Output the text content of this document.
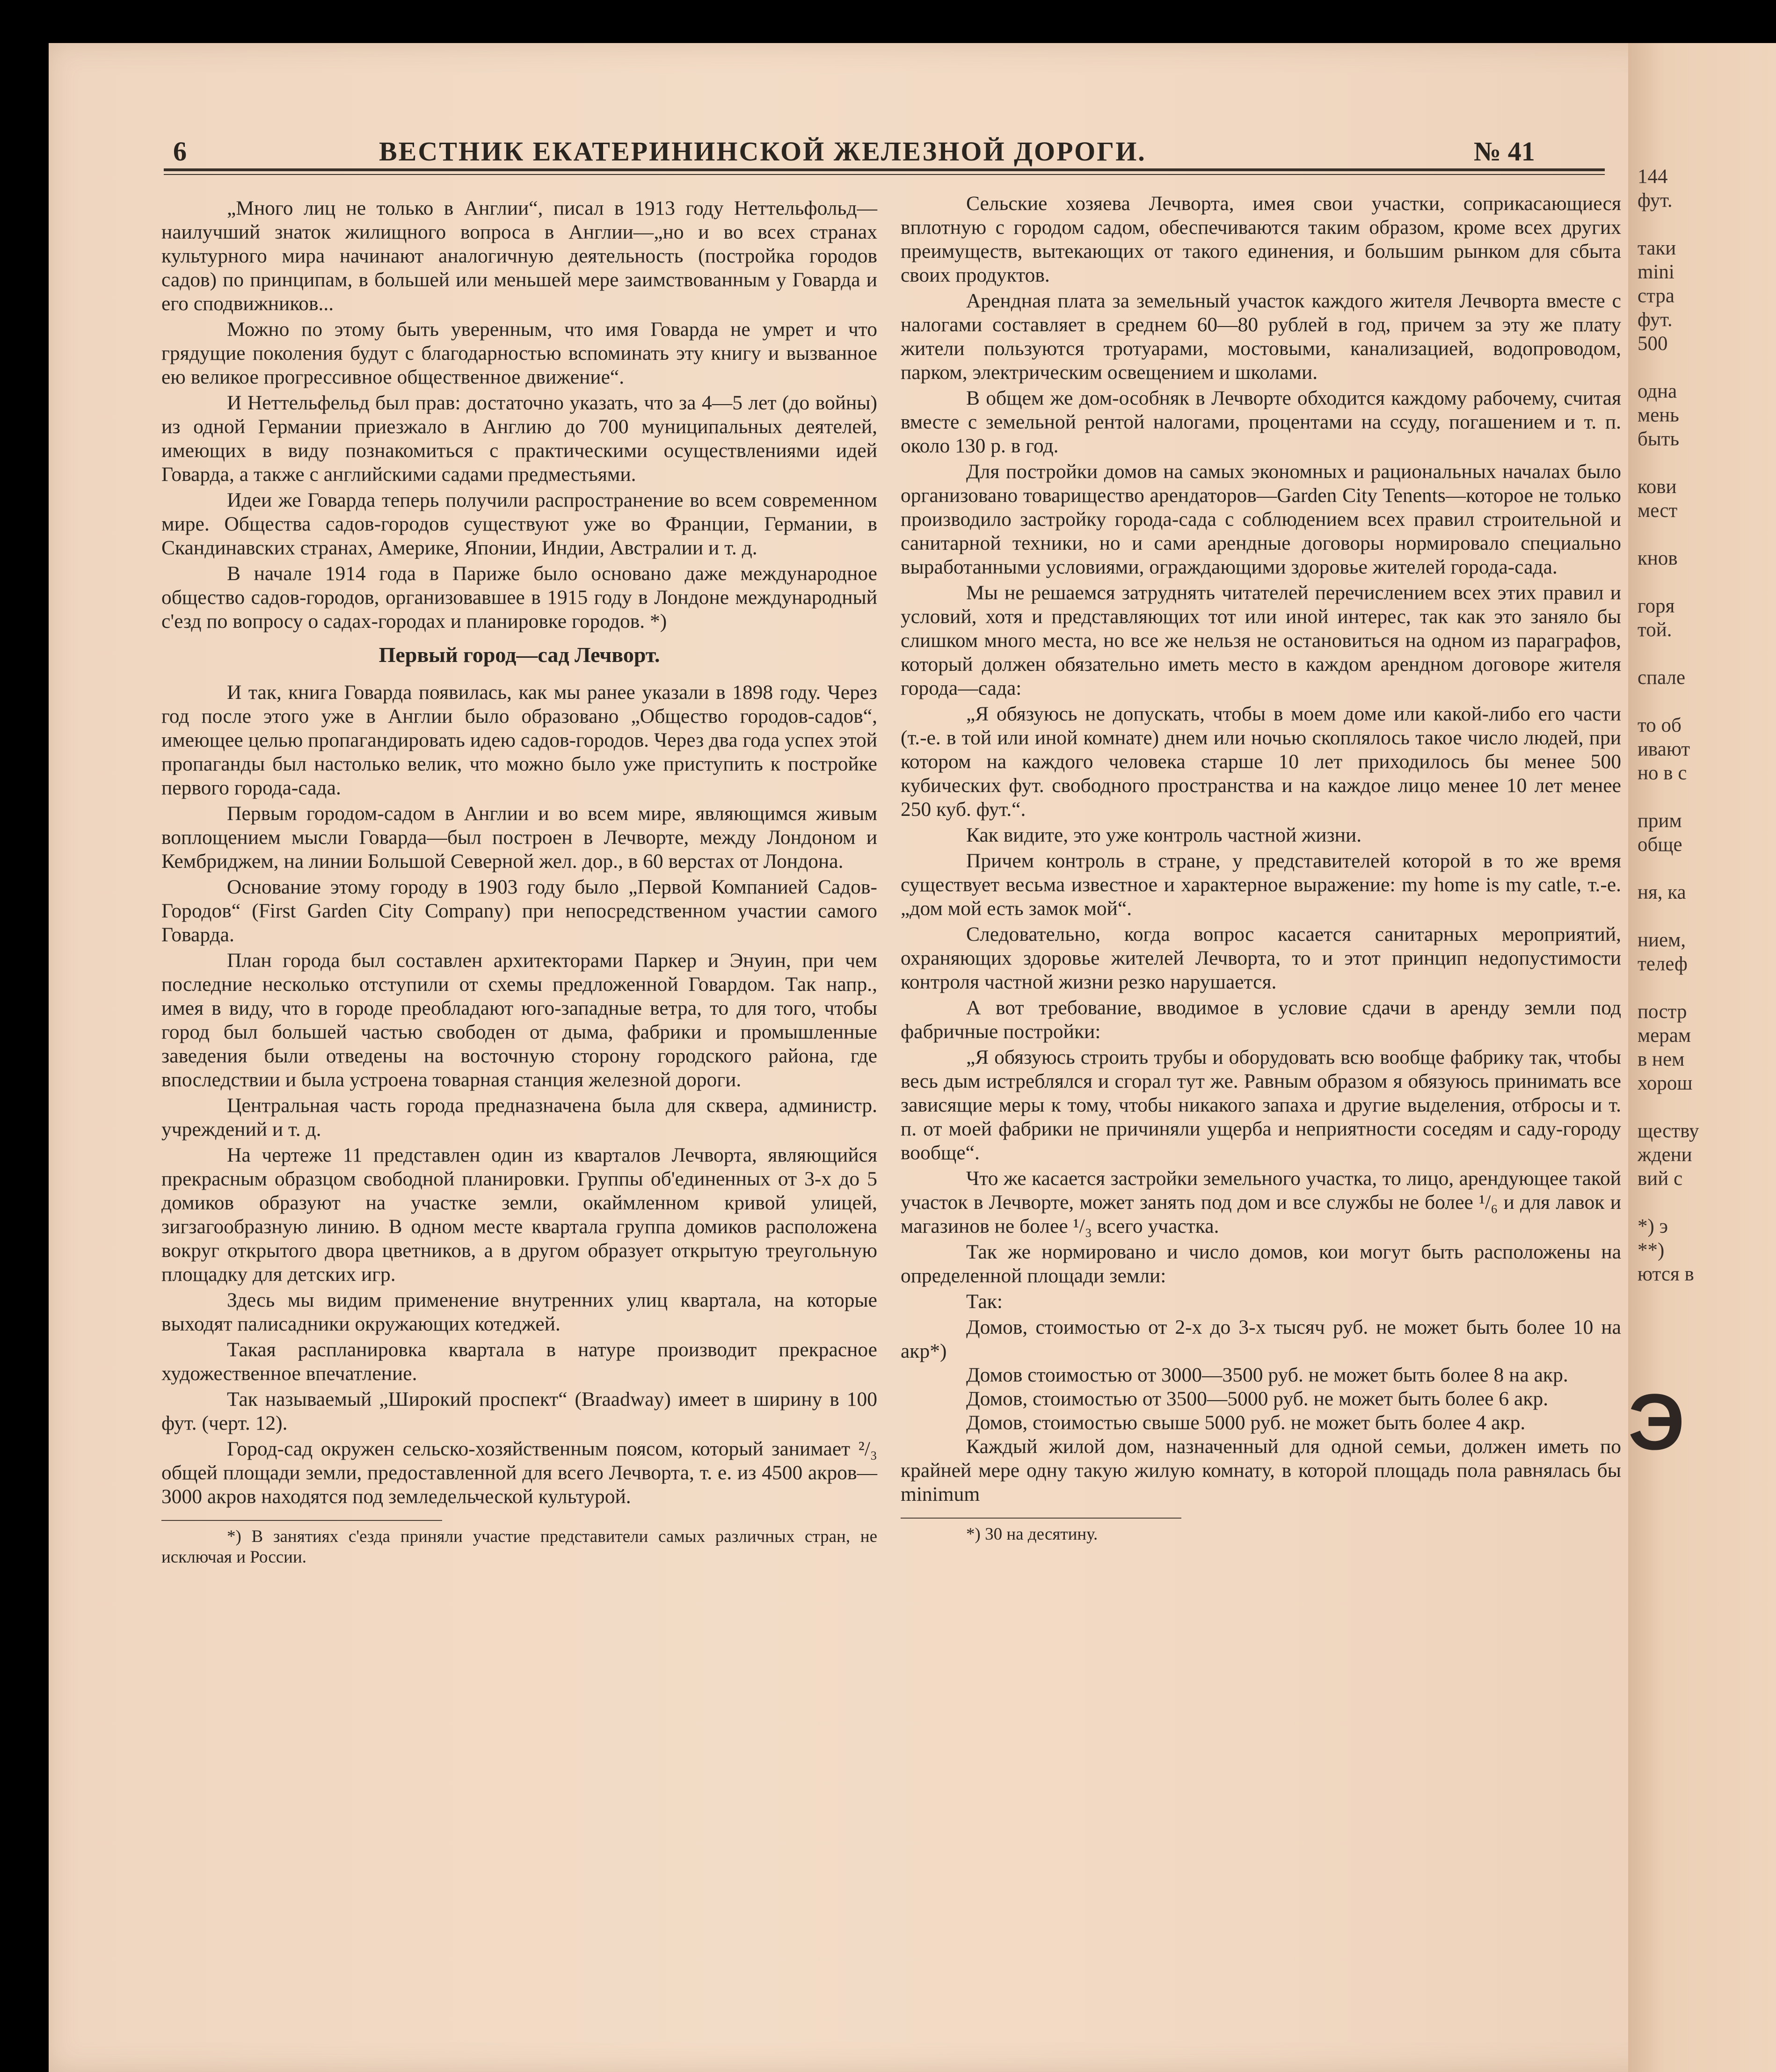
144
фут.

таки
mini
стра
фут.
500

одна
мень
быть

кови
мест

кнов

горя
той.

спале

то об
ивают
но в с

прим
обще

ня, ка

нием,
телеф

постр
мерам
в нем
хорош

ществу
ждени
вий с

*) э
**)
ются в
Э
6	ВЕСТНИК ЕКАТЕРИНИНСКОЙ ЖЕЛЕЗНОЙ ДОРОГИ.	№ 41

„Много лиц не только в Англии“, писал в 1913 году Неттельфольд—наилучший знаток жилищного вопроса в Англии—„но и во всех странах культурного мира начинают аналогичную деятельность (постройка городов садов) по принципам, в большей или меньшей мере заимствованным у Говарда и его сподвижников...

Можно по этому быть уверенным, что имя Говарда не умрет и что грядущие поколения будут с благодарностью вспоминать эту книгу и вызванное ею великое прогрессивное общественное движение“.

И Неттельфельд был прав: достаточно указать, что за 4—5 лет (до войны) из одной Германии приезжало в Англию до 700 муниципальных деятелей, имеющих в виду познакомиться с практическими осуществлениями идей Говарда, а также с английскими садами предместьями.

Идеи же Говарда теперь получили распространение во всем современном мире. Общества садов-городов существуют уже во Франции, Германии, в Скандинавских странах, Америке, Японии, Индии, Австралии и т. д.

В начале 1914 года в Париже было основано даже международное общество садов-городов, организовавшее в 1915 году в Лондоне международный с'езд по вопросу о садах-городах и планировке городов. *)

Первый город—сад Лечворт.

И так, книга Говарда появилась, как мы ранее указали в 1898 году. Через год после этого уже в Англии было образовано „Общество городов-садов“, имеющее целью пропагандировать идею садов-городов. Через два года успех этой пропаганды был настолько велик, что можно было уже приступить к постройке первого города-сада.

Первым городом-садом в Англии и во всем мире, являющимся живым воплощением мысли Говарда—был построен в Лечворте, между Лондоном и Кембриджем, на линии Большой Северной жел. дор., в 60 верстах от Лондона.

Основание этому городу в 1903 году было „Первой Компанией Садов-Городов“ (First Garden City Company) при непосредственном участии самого Говарда.

План города был составлен архитекторами Паркер и Энуин, при чем последние несколько отступили от схемы предложенной Говардом. Так напр., имея в виду, что в городе преобладают юго-западные ветра, то для того, чтобы город был большей частью свободен от дыма, фабрики и промышленные заведения были отведены на восточную сторону городского района, где впоследствии и была устроена товарная станция железной дороги.

Центральная часть города предназначена была для сквера, администр. учреждений и т. д.

На чертеже 11 представлен один из кварталов Лечворта, являющийся прекрасным образцом свободной планировки. Группы об'единенных от 3-х до 5 домиков образуют на участке земли, окаймленном кривой улицей, зигзагообразную линию. В одном месте квартала группа домиков расположена вокруг открытого двора цветников, а в другом образует открытую треугольную площадку для детских игр.

Здесь мы видим применение внутренних улиц квартала, на которые выходят палисадники окружающих котеджей.

Такая распланировка квартала в натуре производит прекрасное художественное впечатление.

Так называемый „Широкий проспект“ (Braadway) имеет в ширину в 100 фут. (черт. 12).

Город-сад окружен сельско-хозяйственным поясом, который занимает ²/₃ общей площади земли, предоставленной для всего Лечворта, т. е. из 4500 акров—3000 акров находятся под земледельческой культурой.

*) В занятиях с'езда приняли участие представители самых различных стран, не исключая и России.

Сельские хозяева Лечворта, имея свои участки, соприкасающиеся вплотную с городом садом, обеспечиваются таким образом, кроме всех других преимуществ, вытекающих от такого единения, и большим рынком для сбыта своих продуктов.

Арендная плата за земельный участок каждого жителя Лечворта вместе с налогами составляет в среднем 60—80 рублей в год, причем за эту же плату жители пользуются тротуарами, мостовыми, канализацией, водопроводом, парком, электрическим освещением и школами.

В общем же дом-особняк в Лечворте обходится каждому рабочему, считая вместе с земельной рентой налогами, процентами на ссуду, погашением и т. п. около 130 р. в год.

Для постройки домов на самых экономных и рациональных началах было организовано товарищество арендаторов—Garden City Tenents—которое не только производило застройку города-сада с соблюдением всех правил строительной и санитарной техники, но и сами арендные договоры нормировало специально выработанными условиями, ограждающими здоровье жителей города-сада.

Мы не решаемся затруднять читателей перечислением всех этих правил и условий, хотя и представляющих тот или иной интерес, так как это заняло бы слишком много места, но все же нельзя не остановиться на одном из параграфов, который должен обязательно иметь место в каждом арендном договоре жителя города—сада:

„Я обязуюсь не допускать, чтобы в моем доме или какой-либо его части (т.-е. в той или иной комнате) днем или ночью скоплялось такое число людей, при котором на каждого человека старше 10 лет приходилось бы менее 500 кубических фут. свободного пространства и на каждое лицо менее 10 лет менее 250 куб. фут.“.

Как видите, это уже контроль частной жизни.

Причем контроль в стране, у представителей которой в то же время существует весьма известное и характерное выражение: my home is my catle, т.-е. „дом мой есть замок мой“.

Следовательно, когда вопрос касается санитарных мероприятий, охраняющих здоровье жителей Лечворта, то и этот принцип недопустимости контроля частной жизни резко нарушается.

А вот требование, вводимое в условие сдачи в аренду земли под фабричные постройки:

„Я обязуюсь строить трубы и оборудовать всю вообще фабрику так, чтобы весь дым истреблялся и сгорал тут же. Равным образом я обязуюсь принимать все зависящие меры к тому, чтобы никакого запаха и другие выделения, отбросы и т. п. от моей фабрики не причиняли ущерба и неприятности соседям и саду-городу вообще“.

Что же касается застройки земельного участка, то лицо, арендующее такой участок в Лечворте, может занять под дом и все службы не более ¹/₆ и для лавок и магазинов не более ¹/₃ всего участка.

Так же нормировано и число домов, кои могут быть расположены на определенной площади земли:

Так:

Домов, стоимостью от 2-х до 3-х тысяч руб. не может быть более 10 на акр*)

Домов стоимостью от 3000—3500 руб. не может быть более 8 на акр.

Домов, стоимостью от 3500—5000 руб. не может быть более 6 акр.

Домов, стоимостью свыше 5000 руб. не может быть более 4 акр.

Каждый жилой дом, назначенный для одной семьи, должен иметь по крайней мере одну такую жилую комнату, в которой площадь пола равнялась бы minimum

*) 30 на десятину.
